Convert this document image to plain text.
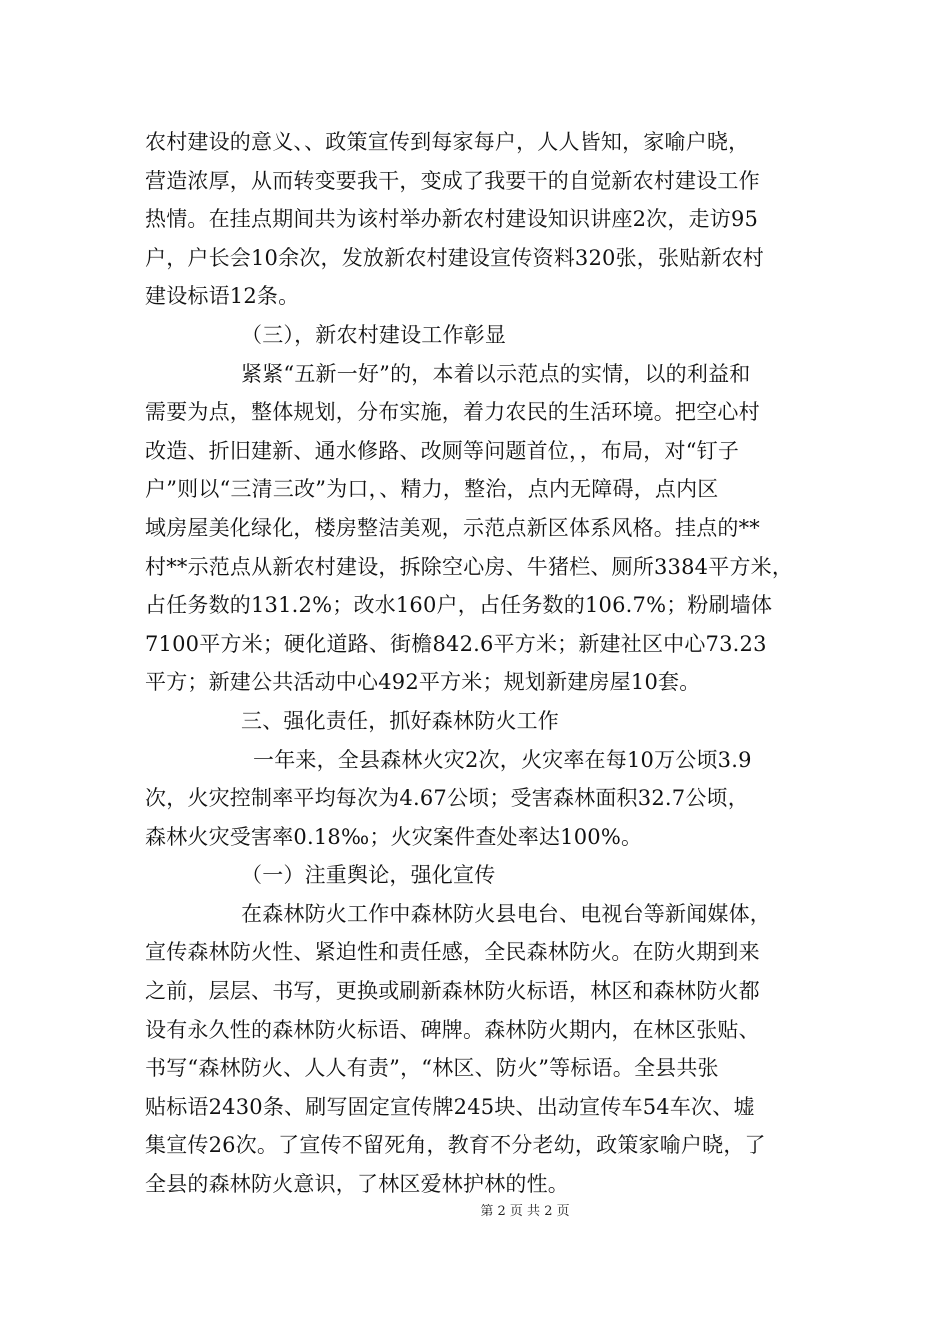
农村建设的意义、、政策宣传到每家每户，人人皆知，家喻户晓，
营造浓厚，从而转变要我干，变成了我要干的自觉新农村建设工作
热情。在挂点期间共为该村举办新农村建设知识讲座2次，走访95
户，户长会10余次，发放新农村建设宣传资料320张，张贴新农村
建设标语12条。
（三），新农村建设工作彰显
紧紧“五新一好”的，本着以示范点的实情，以的利益和
需要为点，整体规划，分布实施，着力农民的生活环境。把空心村
改造、折旧建新、通水修路、改厕等问题首位，，布局，对“钉子
户”则以“三清三改”为口，、精力，整治，点内无障碍，点内区
域房屋美化绿化，楼房整洁美观，示范点新区体系风格。挂点的**
村**示范点从新农村建设，拆除空心房、牛猪栏、厕所3384平方米，
占任务数的131.2%；改水160户，占任务数的106.7%；粉刷墙体
7100平方米；硬化道路、街檐842.6平方米；新建社区中心73.23
平方；新建公共活动中心492平方米；规划新建房屋10套。
三、强化责任，抓好森林防火工作
一年来，全县森林火灾2次，火灾率在每10万公顷3.9
次，火灾控制率平均每次为4.67公顷；受害森林面积32.7公顷，
森林火灾受害率0.18‰；火灾案件查处率达100%。
（一）注重舆论，强化宣传
在森林防火工作中森林防火县电台、电视台等新闻媒体，
宣传森林防火性、紧迫性和责任感，全民森林防火。在防火期到来
之前，层层、书写，更换或刷新森林防火标语，林区和森林防火都
设有永久性的森林防火标语、碑牌。森林防火期内，在林区张贴、
书写“森林防火、人人有责”，“林区、防火”等标语。全县共张
贴标语2430条、刷写固定宣传牌245块、出动宣传车54车次、墟
集宣传26次。了宣传不留死角，教育不分老幼，政策家喻户晓，了
全县的森林防火意识，了林区爱林护林的性。
第 2 页 共 2 页
